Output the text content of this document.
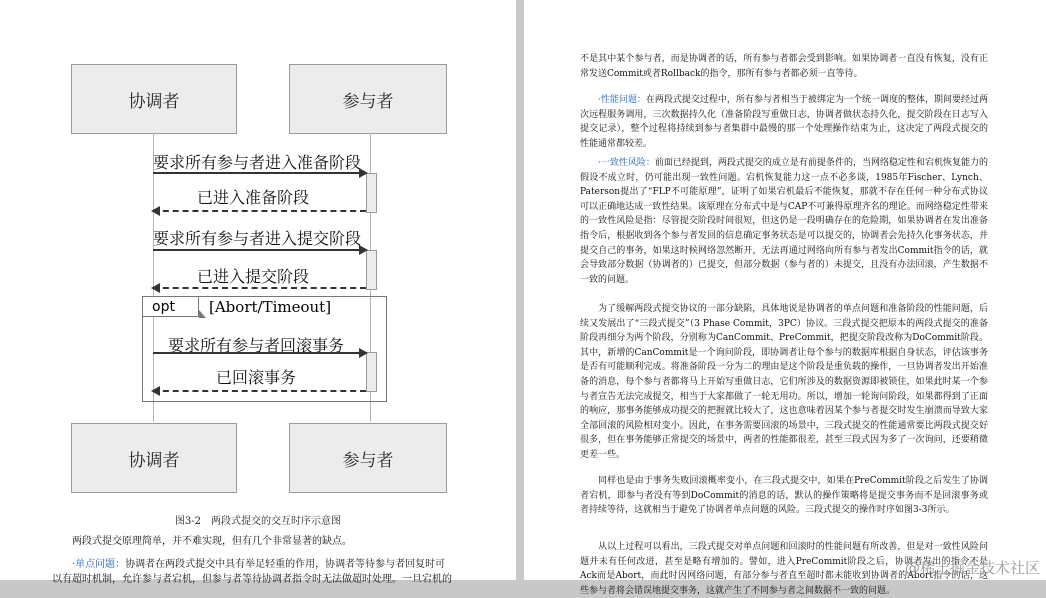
协调者	参与者
要求所有参与者进入准备阶段
已进入准备阶段
要求所有参与者进入提交阶段
已进入提交阶段
opt	[Abort/Timeout]
要求所有参与者回滚事务
已回滚事务
协调者	参与者
图3-2　两段式提交的交互时序示意图
两段式提交原理简单，并不难实现，但有几个非常显著的缺点。
·单点问题：协调者在两段式提交中具有举足轻重的作用，协调者等待参与者回复时可
以有超时机制，允许参与者宕机，但参与者等待协调者指令时无法做超时处理。一旦宕机的

不是其中某个参与者，而是协调者的话，所有参与者都会受到影响。如果协调者一直没有恢复，没有正常发送Commit或者Rollback的指令，那所有参与者都必须一直等待。

·性能问题：在两段式提交过程中，所有参与者相当于被绑定为一个统一调度的整体，期间要经过两次远程服务调用，三次数据持久化（准备阶段写重做日志，协调者做状态持久化，提交阶段在日志写入提交记录），整个过程将持续到参与者集群中最慢的那一个处理操作结束为止，这决定了两段式提交的性能通常都较差。

·一致性风险：前面已经提到，两段式提交的成立是有前提条件的，当网络稳定性和宕机恢复能力的假设不成立时，仍可能出现一致性问题。宕机恢复能力这一点不必多谈，1985年Fischer、Lynch、Paterson提出了“FLP不可能原理”，证明了如果宕机最后不能恢复，那就不存在任何一种分布式协议可以正确地达成一致性结果。该原理在分布式中是与CAP不可兼得原理齐名的理论。而网络稳定性带来的一致性风险是指：尽管提交阶段时间很短，但这仍是一段明确存在的危险期，如果协调者在发出准备指令后，根据收到各个参与者发回的信息确定事务状态是可以提交的，协调者会先持久化事务状态，并提交自己的事务，如果这时候网络忽然断开，无法再通过网络向所有参与者发出Commit指令的话，就会导致部分数据（协调者的）已提交，但部分数据（参与者的）未提交，且没有办法回滚，产生数据不一致的问题。

为了缓解两段式提交协议的一部分缺陷，具体地说是协调者的单点问题和准备阶段的性能问题，后续又发展出了“三段式提交”（3 Phase Commit，3PC）协议。三段式提交把原本的两段式提交的准备阶段再细分为两个阶段，分别称为CanCommit、PreCommit，把提交阶段改称为DoCommit阶段。其中，新增的CanCommit是一个询问阶段，即协调者让每个参与的数据库根据自身状态，评估该事务是否有可能顺利完成。将准备阶段一分为二的理由是这个阶段是重负载的操作，一旦协调者发出开始准备的消息，每个参与者都将马上开始写重做日志，它们所涉及的数据资源即被锁住，如果此时某一个参与者宣告无法完成提交，相当于大家都做了一轮无用功。所以，增加一轮询问阶段，如果都得到了正面的响应，那事务能够成功提交的把握就比较大了，这也意味着因某个参与者提交时发生崩溃而导致大家全部回滚的风险相对变小。因此，在事务需要回滚的场景中，三段式提交的性能通常要比两段式提交好很多，但在事务能够正常提交的场景中，两者的性能都很差，甚至三段式因为多了一次询问，还要稍微更差一些。

同样也是由于事务失败回滚概率变小，在三段式提交中，如果在PreCommit阶段之后发生了协调者宕机，即参与者没有等到DoCommit的消息的话，默认的操作策略将是提交事务而不是回滚事务或者持续等待，这就相当于避免了协调者单点问题的风险。三段式提交的操作时序如图3-3所示。

从以上过程可以看出，三段式提交对单点问题和回滚时的性能问题有所改善，但是对一致性风险问题并未有任何改进，甚至是略有增加的。譬如，进入PreCommit阶段之后，协调者发出的指令不是Ack而是Abort，而此时因网络问题，有部分参与者直至超时都未能收到协调者的Abort指令的话，这些参与者将会错误地提交事务，这就产生了不同参与者之间数据不一致的问题。

@稀土掘金技术社区
